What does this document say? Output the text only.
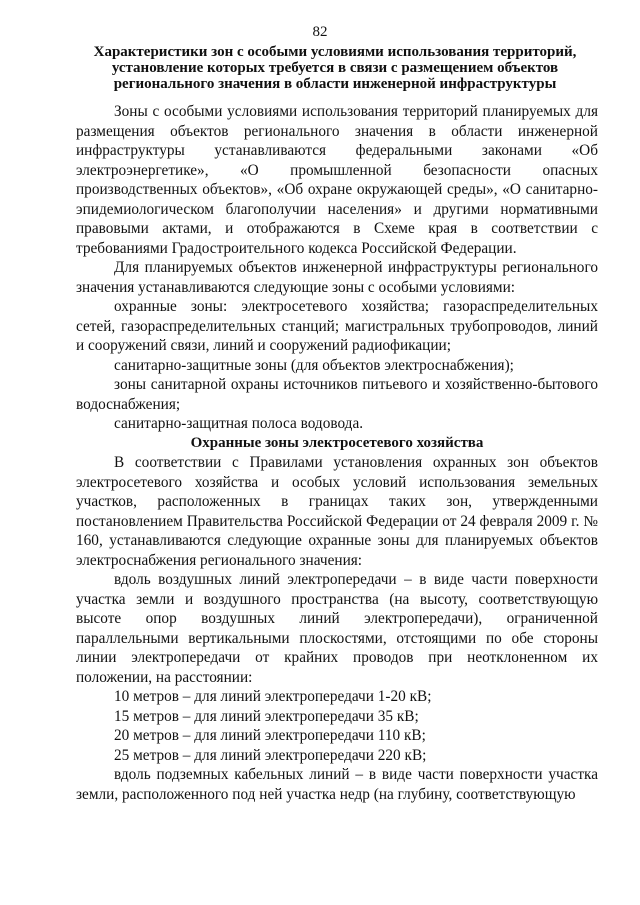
82
Характеристики зон с особыми условиями использования территорий, установление которых требуется в связи с размещением объектов регионального значения в области инженерной инфраструктуры

Зоны с особыми условиями использования территорий планируемых для размещения объектов регионального значения в области инженерной инфраструктуры устанавливаются федеральными законами «Об электроэнергетике», «О промышленной безопасности опасных производственных объектов», «Об охране окружающей среды», «О санитарно-эпидемиологическом благополучии населения» и другими нормативными правовыми актами, и отображаются в Схеме края в соответствии с требованиями Градостроительного кодекса Российской Федерации.

Для планируемых объектов инженерной инфраструктуры регионального значения устанавливаются следующие зоны с особыми условиями:

охранные зоны: электросетевого хозяйства; газораспределительных сетей, газораспределительных станций; магистральных трубопроводов, линий и сооружений связи, линий и сооружений радиофикации;

санитарно-защитные зоны (для объектов электроснабжения);

зоны санитарной охраны источников питьевого и хозяйственно-бытового водоснабжения;

санитарно-защитная полоса водовода.

Охранные зоны электросетевого хозяйства

В соответствии с Правилами установления охранных зон объектов электросетевого хозяйства и особых условий использования земельных участков, расположенных в границах таких зон, утвержденными постановлением Правительства Российской Федерации от 24 февраля 2009 г. № 160, устанавливаются следующие охранные зоны для планируемых объектов электроснабжения регионального значения:

вдоль воздушных линий электропередачи – в виде части поверхности участка земли и воздушного пространства (на высоту, соответствующую высоте опор воздушных линий электропередачи), ограниченной параллельными вертикальными плоскостями, отстоящими по обе стороны линии электропередачи от крайних проводов при неотклоненном их положении, на расстоянии:

10 метров – для линий электропередачи 1-20 кВ;

15 метров – для линий электропередачи 35 кВ;

20 метров – для линий электропередачи 110 кВ;

25 метров – для линий электропередачи 220 кВ;

вдоль подземных кабельных линий – в виде части поверхности участка земли, расположенного под ней участка недр (на глубину, соответствующую
